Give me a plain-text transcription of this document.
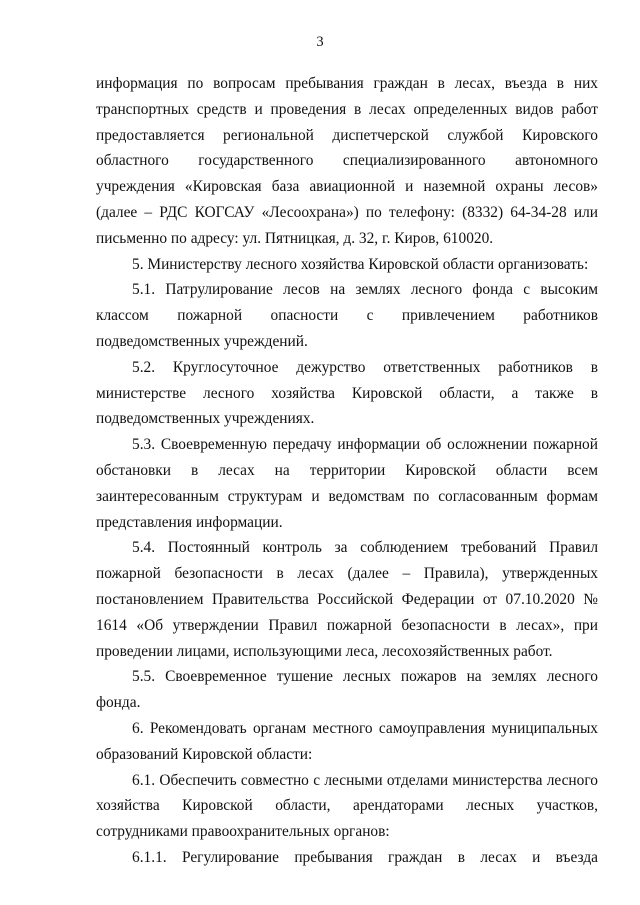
3

информация по вопросам пребывания граждан в лесах, въезда в них транспортных средств и проведения в лесах определенных видов работ предоставляется региональной диспетчерской службой Кировского областного государственного специализированного автономного учреждения «Кировская база авиационной и наземной охраны лесов» (далее – РДС КОГСАУ «Лесоохрана») по телефону: (8332) 64-34-28 или письменно по адресу: ул. Пятницкая, д. 32, г. Киров, 610020.

5. Министерству лесного хозяйства Кировской области организовать:

5.1. Патрулирование лесов на землях лесного фонда с высоким классом пожарной опасности с привлечением работников подведомственных учреждений.

5.2. Круглосуточное дежурство ответственных работников в министерстве лесного хозяйства Кировской области, а также в подведомственных учреждениях.

5.3. Своевременную передачу информации об осложнении пожарной обстановки в лесах на территории Кировской области всем заинтересованным структурам и ведомствам по согласованным формам представления информации.

5.4. Постоянный контроль за соблюдением требований Правил пожарной безопасности в лесах (далее – Правила), утвержденных постановлением Правительства Российской Федерации от 07.10.2020 № 1614 «Об утверждении Правил пожарной безопасности в лесах», при проведении лицами, использующими леса, лесохозяйственных работ.

5.5. Своевременное тушение лесных пожаров на землях лесного фонда.

6. Рекомендовать органам местного самоуправления муниципальных образований Кировской области:

6.1. Обеспечить совместно с лесными отделами министерства лесного хозяйства Кировской области, арендаторами лесных участков, сотрудниками правоохранительных органов:

6.1.1. Регулирование пребывания граждан в лесах и въезда
